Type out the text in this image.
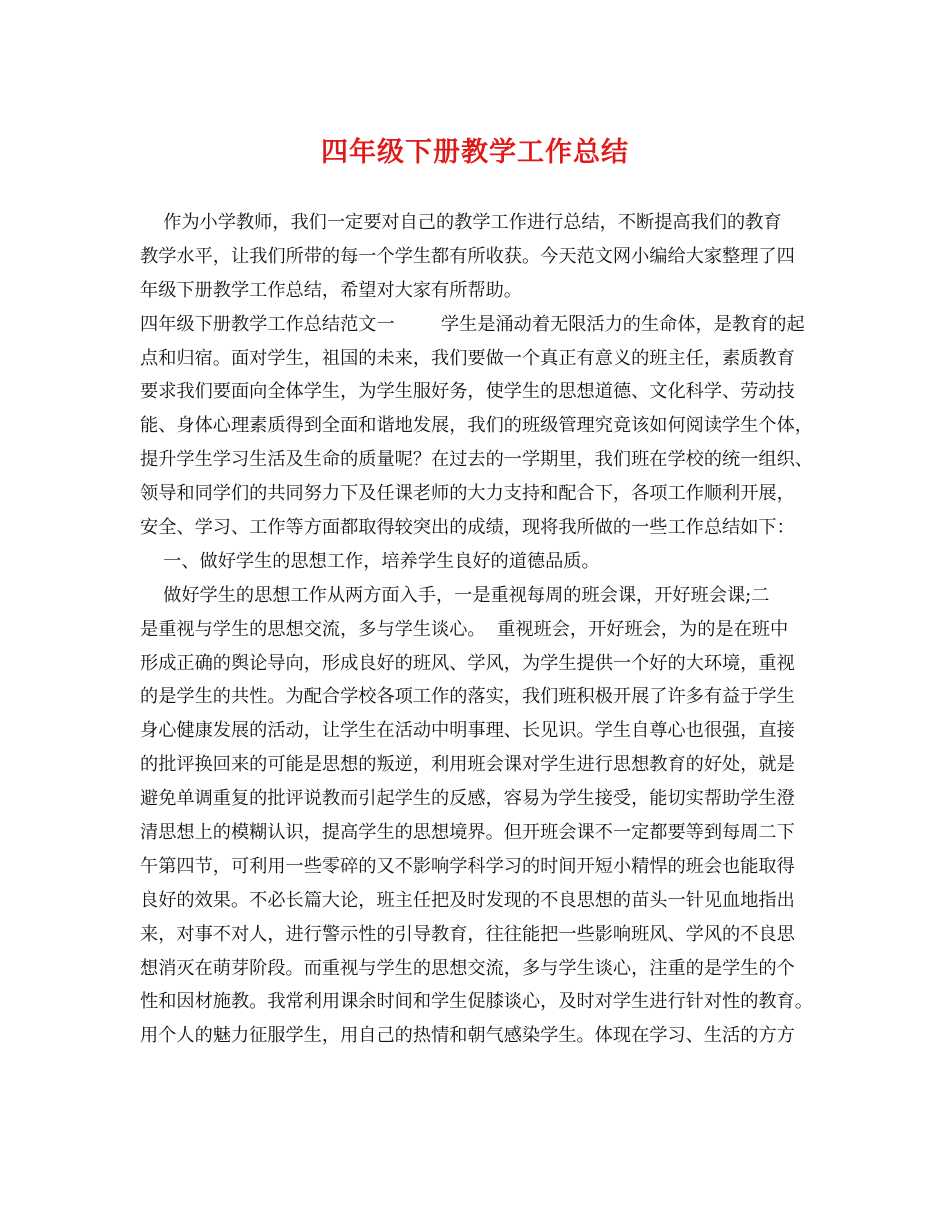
四年级下册教学工作总结
作为小学教师，我们一定要对自己的教学工作进行总结，不断提高我们的教育
教学水平，让我们所带的每一个学生都有所收获。今天范文网小编给大家整理了四
年级下册教学工作总结，希望对大家有所帮助。
四年级下册教学工作总结范文一        学生是涌动着无限活力的生命体，是教育的起
点和归宿。面对学生，祖国的未来，我们要做一个真正有意义的班主任，素质教育
要求我们要面向全体学生，为学生服好务，使学生的思想道德、文化科学、劳动技
能、身体心理素质得到全面和谐地发展，我们的班级管理究竟该如何阅读学生个体，
提升学生学习生活及生命的质量呢？在过去的一学期里，我们班在学校的统一组织、
领导和同学们的共同努力下及任课老师的大力支持和配合下，各项工作顺利开展，
安全、学习、工作等方面都取得较突出的成绩，现将我所做的一些工作总结如下：
一、做好学生的思想工作，培养学生良好的道德品质。
做好学生的思想工作从两方面入手，一是重视每周的班会课，开好班会课;二
是重视与学生的思想交流，多与学生谈心。  重视班会，开好班会，为的是在班中
形成正确的舆论导向，形成良好的班风、学风，为学生提供一个好的大环境，重视
的是学生的共性。为配合学校各项工作的落实，我们班积极开展了许多有益于学生
身心健康发展的活动，让学生在活动中明事理、长见识。学生自尊心也很强，直接
的批评换回来的可能是思想的叛逆，利用班会课对学生进行思想教育的好处，就是
避免单调重复的批评说教而引起学生的反感，容易为学生接受，能切实帮助学生澄
清思想上的模糊认识，提高学生的思想境界。但开班会课不一定都要等到每周二下
午第四节，可利用一些零碎的又不影响学科学习的时间开短小精悍的班会也能取得
良好的效果。不必长篇大论，班主任把及时发现的不良思想的苗头一针见血地指出
来，对事不对人，进行警示性的引导教育，往往能把一些影响班风、学风的不良思
想消灭在萌芽阶段。而重视与学生的思想交流，多与学生谈心，注重的是学生的个
性和因材施教。我常利用课余时间和学生促膝谈心，及时对学生进行针对性的教育。
用个人的魅力征服学生，用自己的热情和朝气感染学生。体现在学习、生活的方方
